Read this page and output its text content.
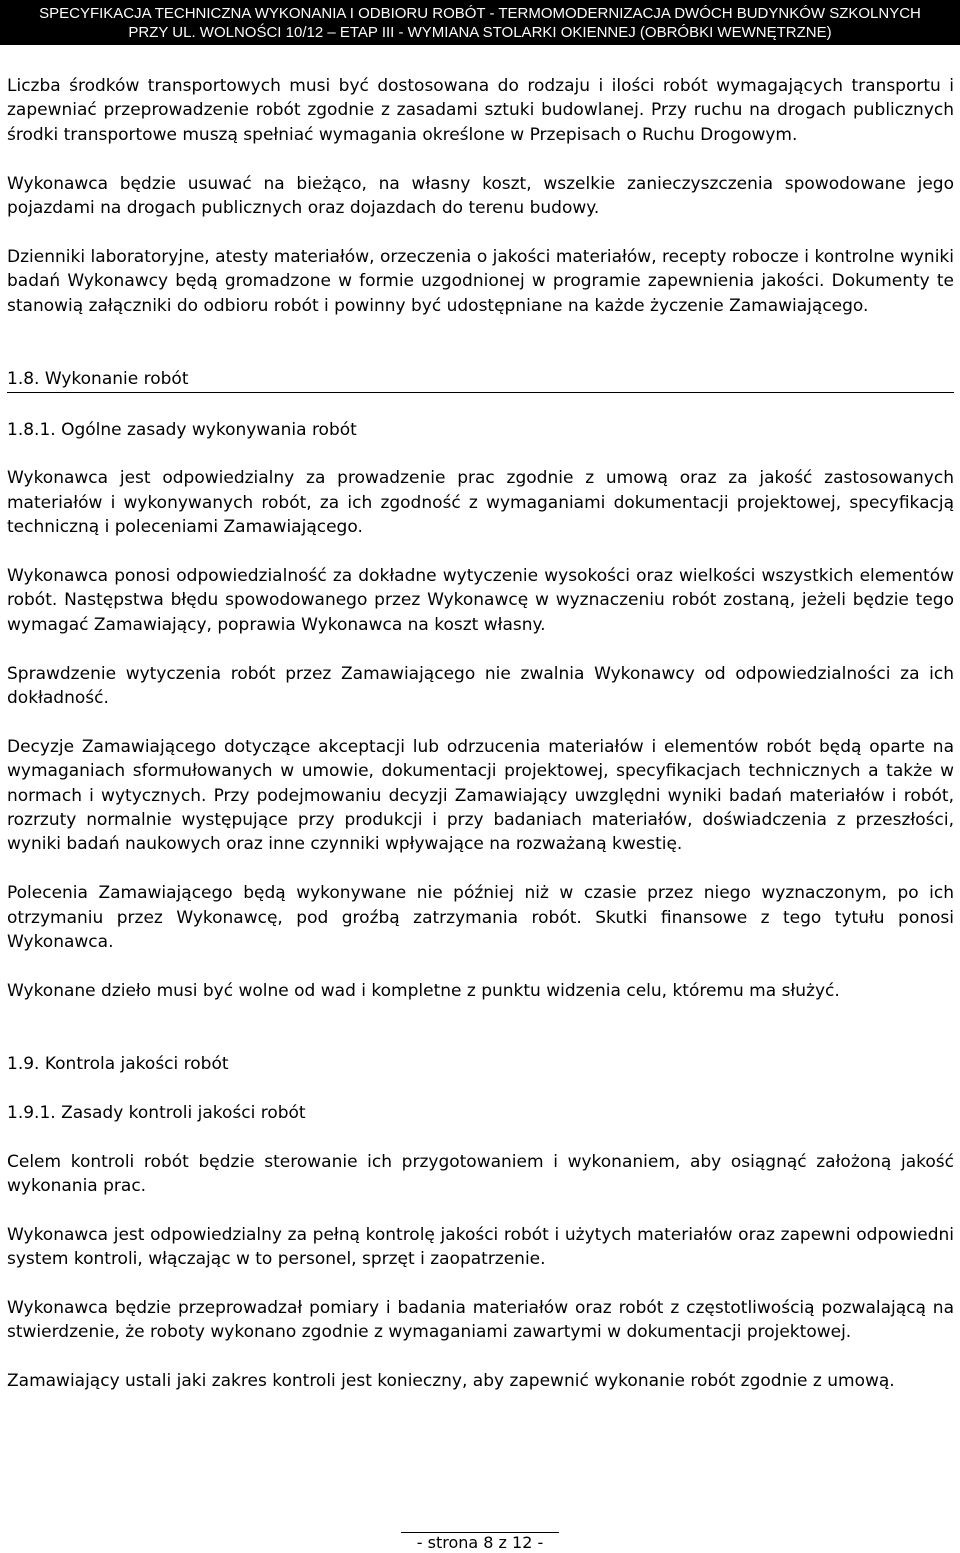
SPECYFIKACJA TECHNICZNA WYKONANIA I ODBIORU ROBÓT - TERMOMODERNIZACJA DWÓCH BUDYNKÓW SZKOLNYCH
PRZY UL. WOLNOŚCI 10/12 – ETAP III - WYMIANA STOLARKI OKIENNEJ (OBRÓBKI WEWNĘTRZNE)

Liczba środków transportowych musi być dostosowana do rodzaju i ilości robót wymagających transportu i zapewniać przeprowadzenie robót zgodnie z zasadami sztuki budowlanej. Przy ruchu na drogach publicznych środki transportowe muszą spełniać wymagania określone w Przepisach o Ruchu Drogowym.

Wykonawca będzie usuwać na bieżąco, na własny koszt, wszelkie zanieczyszczenia spowodowane jego pojazdami na drogach publicznych oraz dojazdach do terenu budowy.

Dzienniki laboratoryjne, atesty materiałów, orzeczenia o jakości materiałów, recepty robocze i kontrolne wyniki badań Wykonawcy będą gromadzone w formie uzgodnionej w programie zapewnienia jakości. Dokumenty te stanowią załączniki do odbioru robót i powinny być udostępniane na każde życzenie Zamawiającego.

1.8. Wykonanie robót
1.8.1. Ogólne zasady wykonywania robót

Wykonawca jest odpowiedzialny za prowadzenie prac zgodnie z umową oraz za jakość zastosowanych materiałów i wykonywanych robót, za ich zgodność z wymaganiami dokumentacji projektowej, specyfikacją techniczną i poleceniami Zamawiającego.

Wykonawca ponosi odpowiedzialność za dokładne wytyczenie wysokości oraz wielkości wszystkich elementów robót. Następstwa błędu spowodowanego przez Wykonawcę w wyznaczeniu robót zostaną, jeżeli będzie tego wymagać Zamawiający, poprawia Wykonawca na koszt własny.

Sprawdzenie wytyczenia robót przez Zamawiającego nie zwalnia Wykonawcy od odpowiedzialności za ich dokładność.

Decyzje Zamawiającego dotyczące akceptacji lub odrzucenia materiałów i elementów robót będą oparte na wymaganiach sformułowanych w umowie, dokumentacji projektowej, specyfikacjach technicznych a także w normach i wytycznych. Przy podejmowaniu decyzji Zamawiający uwzględni wyniki badań materiałów i robót, rozrzuty normalnie występujące przy produkcji i przy badaniach materiałów, doświadczenia z przeszłości, wyniki badań naukowych oraz inne czynniki wpływające na rozważaną kwestię.

Polecenia Zamawiającego będą wykonywane nie później niż w czasie przez niego wyznaczonym, po ich otrzymaniu przez Wykonawcę, pod groźbą zatrzymania robót. Skutki finansowe z tego tytułu ponosi Wykonawca.

Wykonane dzieło musi być wolne od wad i kompletne z punktu widzenia celu, któremu ma służyć.

1.9. Kontrola jakości robót
1.9.1. Zasady kontroli jakości robót

Celem kontroli robót będzie sterowanie ich przygotowaniem i wykonaniem, aby osiągnąć założoną jakość wykonania prac.

Wykonawca jest odpowiedzialny za pełną kontrolę jakości robót i użytych materiałów oraz zapewni odpowiedni system kontroli, włączając w to personel, sprzęt i zaopatrzenie.

Wykonawca będzie przeprowadzał pomiary i badania materiałów oraz robót z częstotliwością pozwalającą na stwierdzenie, że roboty wykonano zgodnie z wymaganiami zawartymi w dokumentacji projektowej.

Zamawiający ustali jaki zakres kontroli jest konieczny, aby zapewnić wykonanie robót zgodnie z umową.

- strona 8 z 12 -
